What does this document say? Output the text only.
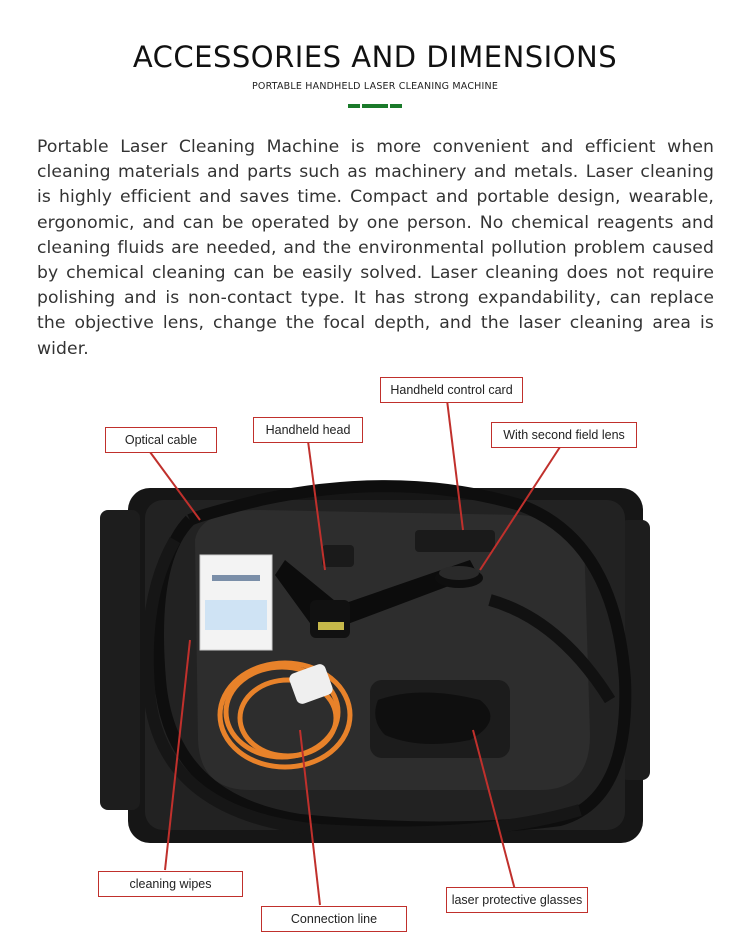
ACCESSORIES AND DIMENSIONS
PORTABLE HANDHELD LASER CLEANING MACHINE

Portable Laser Cleaning Machine is more convenient and efficient when cleaning materials and parts such as machinery and metals. Laser cleaning is highly efficient and saves time. Compact and portable design, wearable, ergonomic, and can be operated by one person. No chemical reagents and cleaning fluids are needed, and the environmental pollution problem caused by chemical cleaning can be easily solved. Laser cleaning does not require polishing and is non-contact type. It has strong expandability, can replace the objective lens, change the focal depth, and the laser cleaning area is wider.

Optical cable
Handheld head
Handheld control card
With second field lens
cleaning wipes
Connection line
laser protective glasses
